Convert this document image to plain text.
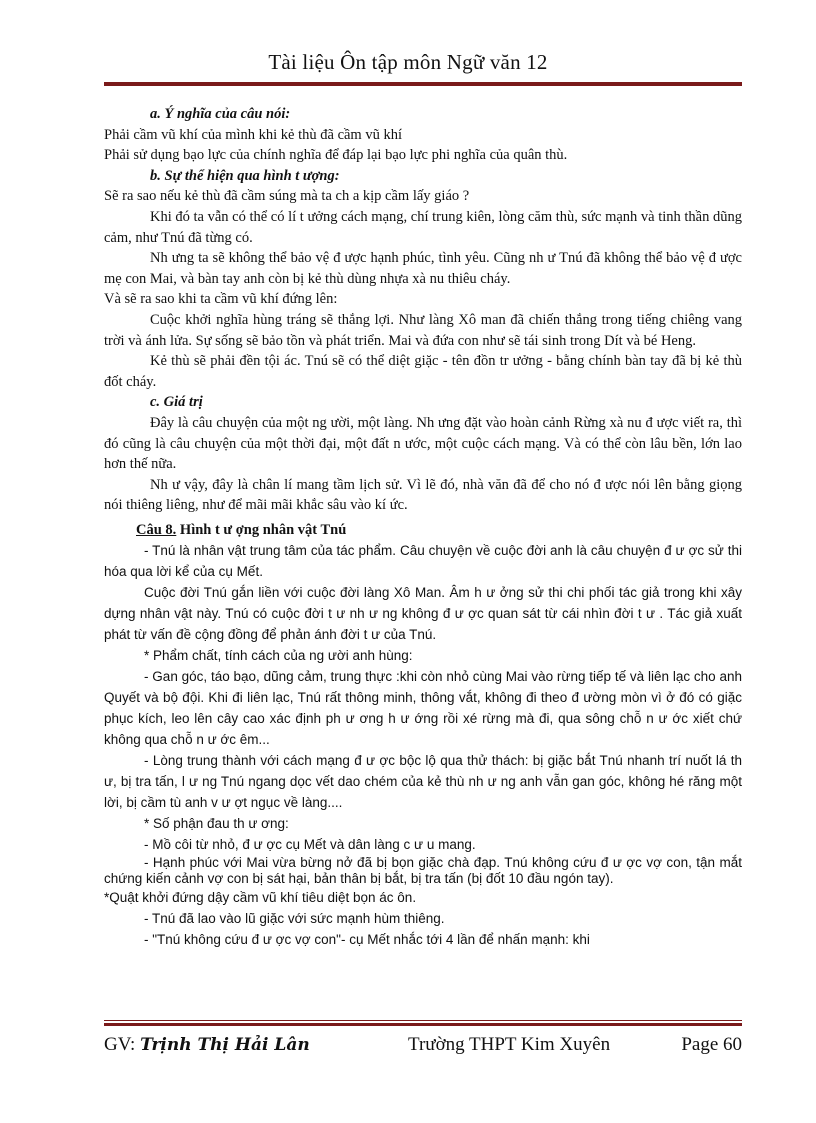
Tài liệu Ôn tập môn Ngữ văn 12

a. Ý nghĩa của câu nói:

Phải cầm vũ khí của mình khi kẻ thù đã cầm vũ khí

Phải sử dụng bạo lực của chính nghĩa để đáp lại bạo lực phi nghĩa của quân thù.

b. Sự thể hiện qua hình t ượng:

Sẽ ra sao nếu kẻ thù đã cầm súng mà ta ch a kịp cầm lấy giáo ?

Khi đó ta vẫn có thể có lí t ưởng cách mạng, chí trung kiên, lòng căm thù, sức mạnh và tinh thần dũng cảm, như Tnú đã từng có.

Nh ưng ta sẽ không thể bảo vệ đ ược hạnh phúc, tình yêu. Cũng nh ư Tnú đã không thể bảo vệ đ ược mẹ con Mai, và bàn tay anh còn bị kẻ thù dùng nhựa xà nu thiêu cháy.

Và sẽ ra sao khi ta cầm vũ khí đứng lên:

Cuộc khởi nghĩa hùng tráng sẽ thắng lợi. Như làng Xô man đã chiến thắng trong tiếng chiêng vang trời và ánh lửa. Sự sống sẽ bảo tồn và phát triển. Mai và đứa con như sẽ tái sinh trong Dít và bé Heng.

Kẻ thù sẽ phải đền tội ác. Tnú sẽ có thể diệt giặc - tên đồn tr ưởng - bằng chính bàn tay đã bị kẻ thù đốt cháy.

c. Giá trị

Đây là câu chuyện của một ng ười, một làng. Nh ưng đặt vào hoàn cảnh Rừng xà nu đ ược viết ra, thì đó cũng là câu chuyện của một thời đại, một đất n ước, một cuộc cách mạng. Và có thể còn lâu bền, lớn lao hơn thế nữa.

Nh ư vậy, đây là chân lí mang tầm lịch sử. Vì lẽ đó, nhà văn đã để cho nó đ ược nói lên bằng giọng nói thiêng liêng, như để mãi mãi khắc sâu vào kí ức.

Câu 8. Hình t ư ợng nhân vật Tnú

- Tnú là nhân vật trung tâm của tác phẩm. Câu chuyện về cuộc đời anh là câu chuyện đ ư ợc sử thi hóa qua lời kể của cụ Mết.

Cuộc đời Tnú gắn liền với cuộc đời làng Xô Man. Âm h ư ởng sử thi chi phối tác giả trong khi xây dựng nhân vật này. Tnú có cuộc đời t ư nh ư ng không đ ư ợc quan sát từ cái nhìn đời t ư . Tác giả xuất phát từ vấn đề cộng đồng để phản ánh đời t ư của Tnú.

* Phẩm chất, tính cách của ng ười anh hùng:

- Gan góc, táo bạo, dũng cảm, trung thực :khi còn nhỏ cùng Mai vào rừng tiếp tế và liên lạc cho anh Quyết và bộ đội. Khi đi liên lạc, Tnú rất thông minh, thông vắt, không đi theo đ ường mòn vì ở đó có giặc phục kích, leo lên cây cao xác định ph ư ơng h ư ớng rồi xé rừng mà đi, qua sông chỗ n ư ớc xiết chứ không qua chỗ n ư ớc êm...

- Lòng trung thành với cách mạng đ ư ợc bộc lộ qua thử thách: bị giặc bắt Tnú nhanh trí nuốt lá th ư, bị tra tấn, l ư ng Tnú ngang dọc vết dao chém của kẻ thù nh ư ng anh vẫn gan góc, không hé răng một lời, bị cầm tù anh v ư ợt ngục về làng....

* Số phận đau th ư ơng:

- Mồ côi từ nhỏ, đ ư ợc cụ Mết và dân làng c ư u mang.

- Hạnh phúc với Mai vừa bừng nở đã bị bọn giặc chà đạp. Tnú không cứu đ ư ợc vợ con, tận mắt chứng kiến cảnh vợ con bị sát hại, bản thân bị bắt, bị tra tấn (bị đốt 10 đầu ngón tay).

*Quật khởi đứng dậy cầm vũ khí tiêu diệt bọn ác ôn.

- Tnú đã lao vào lũ giặc với sức mạnh hùm thiêng.

- "Tnú không cứu đ ư ợc vợ con"- cụ Mết nhắc tới 4 lần để nhấn mạnh: khi

GV: Trịnh Thị Hải Lân	Trường THPT Kim Xuyên	Page 60
